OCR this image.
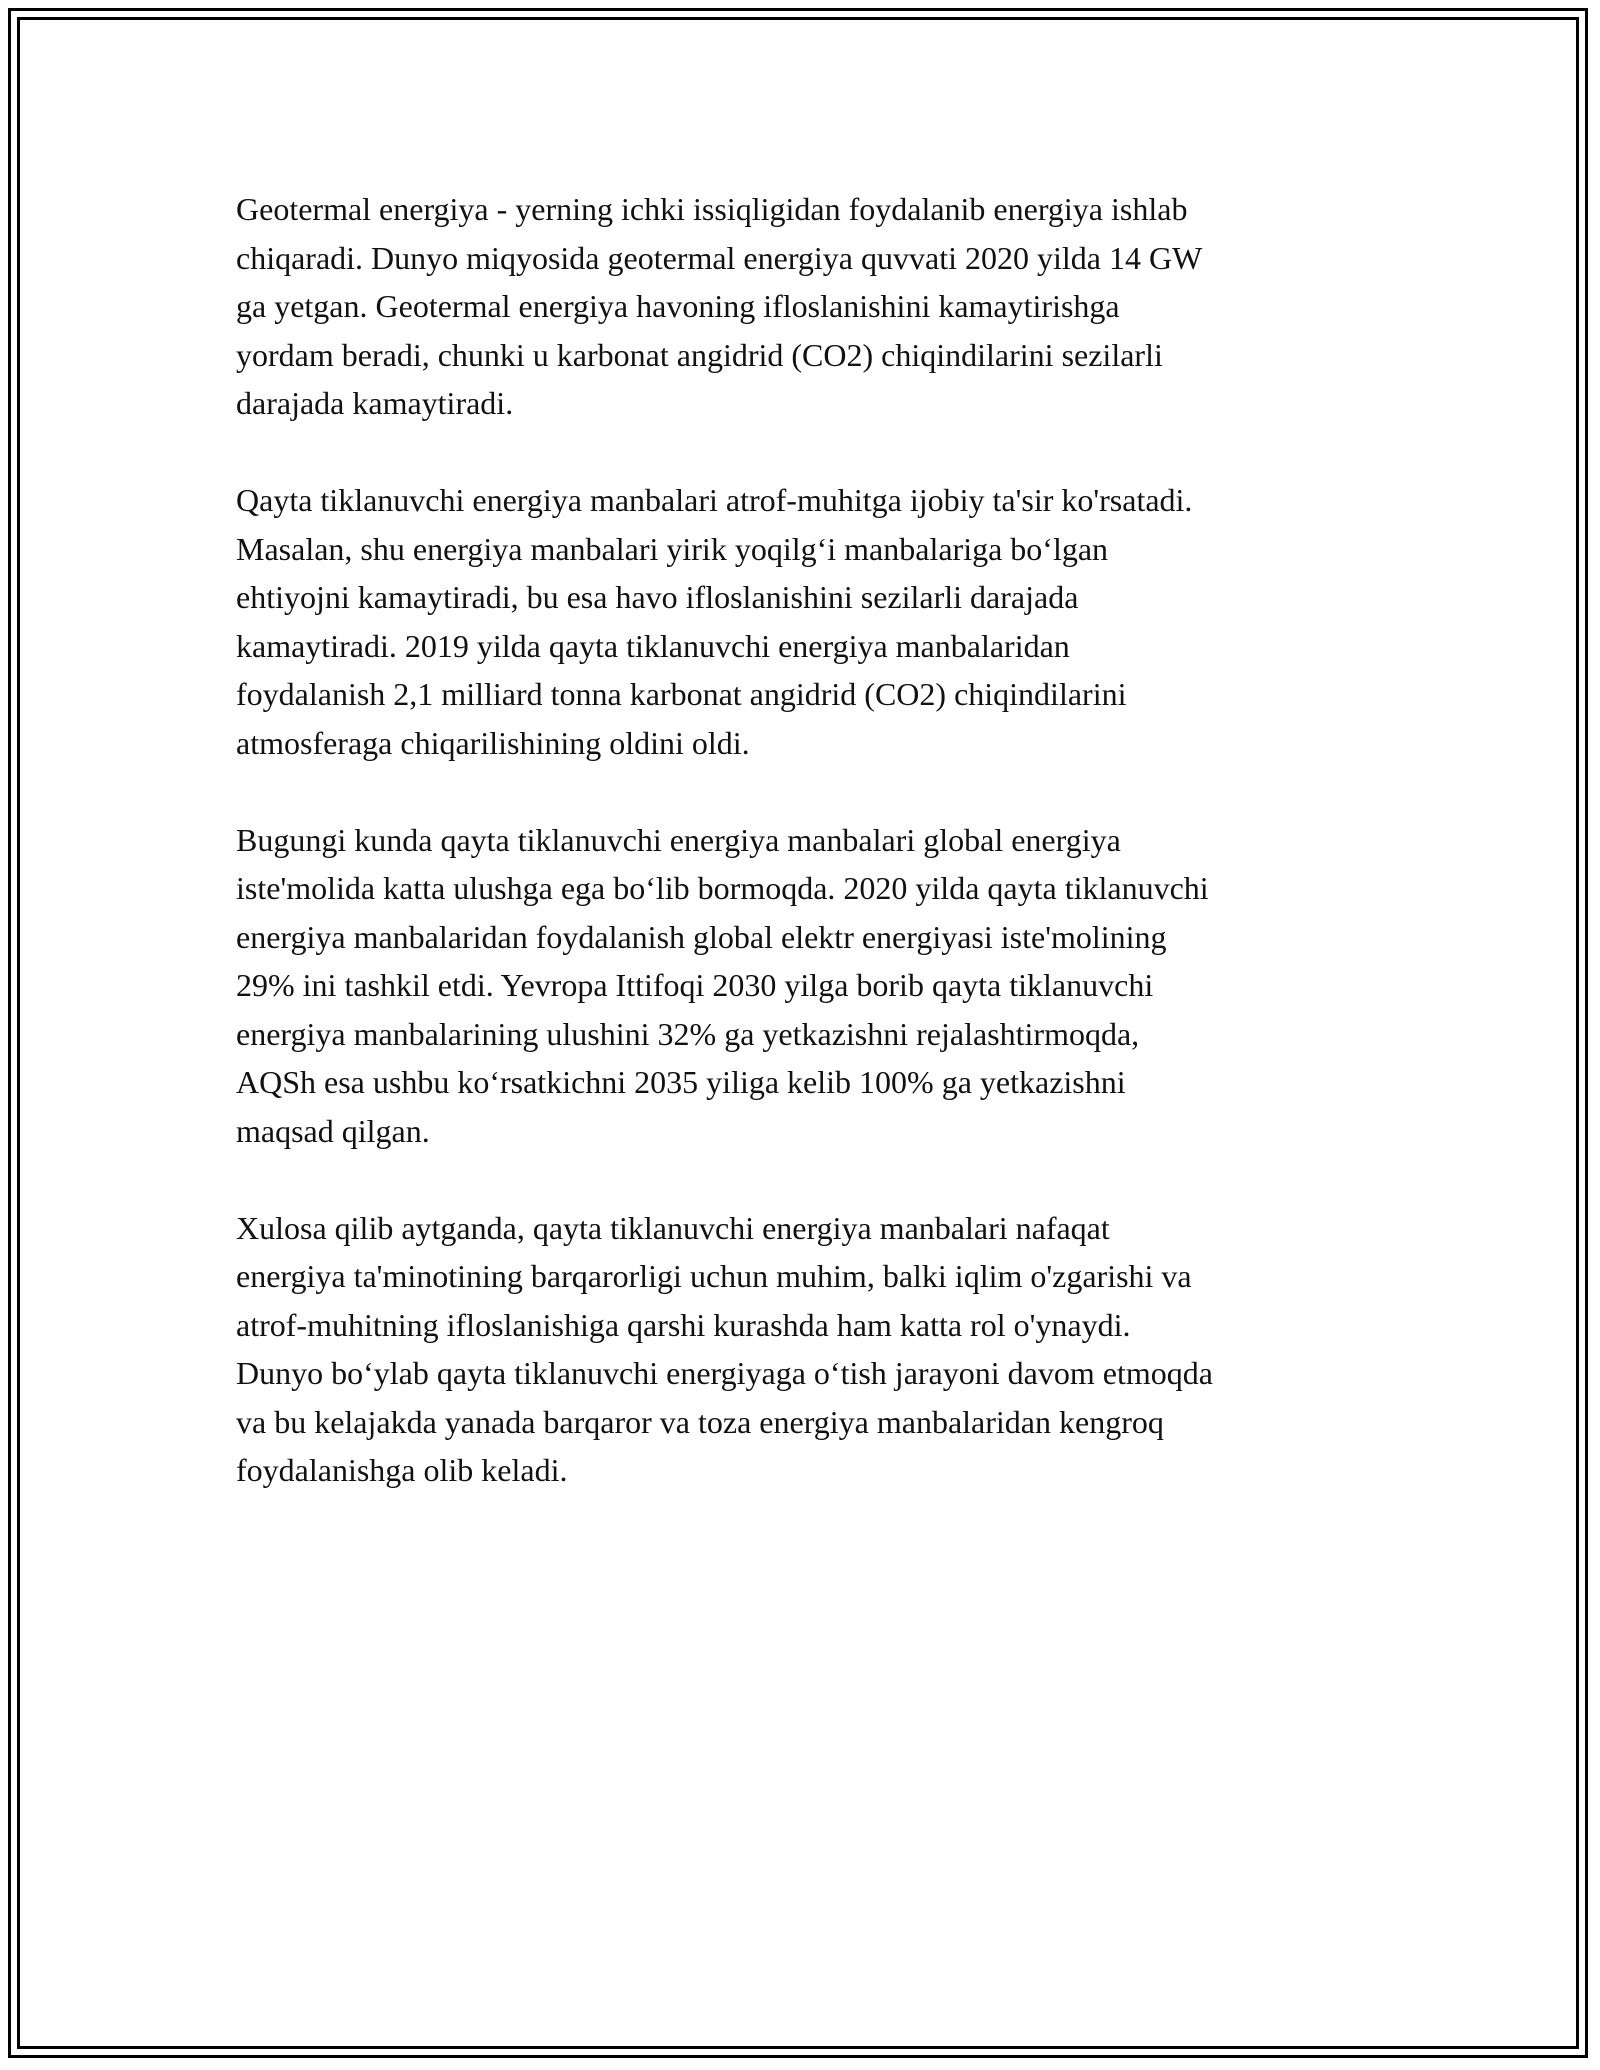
Geotermal energiya - yerning ichki issiqligidan foydalanib energiya ishlab
chiqaradi. Dunyo miqyosida geotermal energiya quvvati 2020 yilda 14 GW
ga yetgan. Geotermal energiya havoning ifloslanishini kamaytirishga
yordam beradi, chunki u karbonat angidrid (CO2) chiqindilarini sezilarli
darajada kamaytiradi.

Qayta tiklanuvchi energiya manbalari atrof-muhitga ijobiy ta'sir ko'rsatadi.
Masalan, shu energiya manbalari yirik yoqilg‘i manbalariga bo‘lgan
ehtiyojni kamaytiradi, bu esa havo ifloslanishini sezilarli darajada
kamaytiradi. 2019 yilda qayta tiklanuvchi energiya manbalaridan
foydalanish 2,1 milliard tonna karbonat angidrid (CO2) chiqindilarini
atmosferaga chiqarilishining oldini oldi.

Bugungi kunda qayta tiklanuvchi energiya manbalari global energiya
iste'molida katta ulushga ega bo‘lib bormoqda. 2020 yilda qayta tiklanuvchi
energiya manbalaridan foydalanish global elektr energiyasi iste'molining
29% ini tashkil etdi. Yevropa Ittifoqi 2030 yilga borib qayta tiklanuvchi
energiya manbalarining ulushini 32% ga yetkazishni rejalashtirmoqda,
AQSh esa ushbu ko‘rsatkichni 2035 yiliga kelib 100% ga yetkazishni
maqsad qilgan.

Xulosa qilib aytganda, qayta tiklanuvchi energiya manbalari nafaqat
energiya ta'minotining barqarorligi uchun muhim, balki iqlim o'zgarishi va
atrof-muhitning ifloslanishiga qarshi kurashda ham katta rol o'ynaydi.
Dunyo bo‘ylab qayta tiklanuvchi energiyaga o‘tish jarayoni davom etmoqda
va bu kelajakda yanada barqaror va toza energiya manbalaridan kengroq
foydalanishga olib keladi.
